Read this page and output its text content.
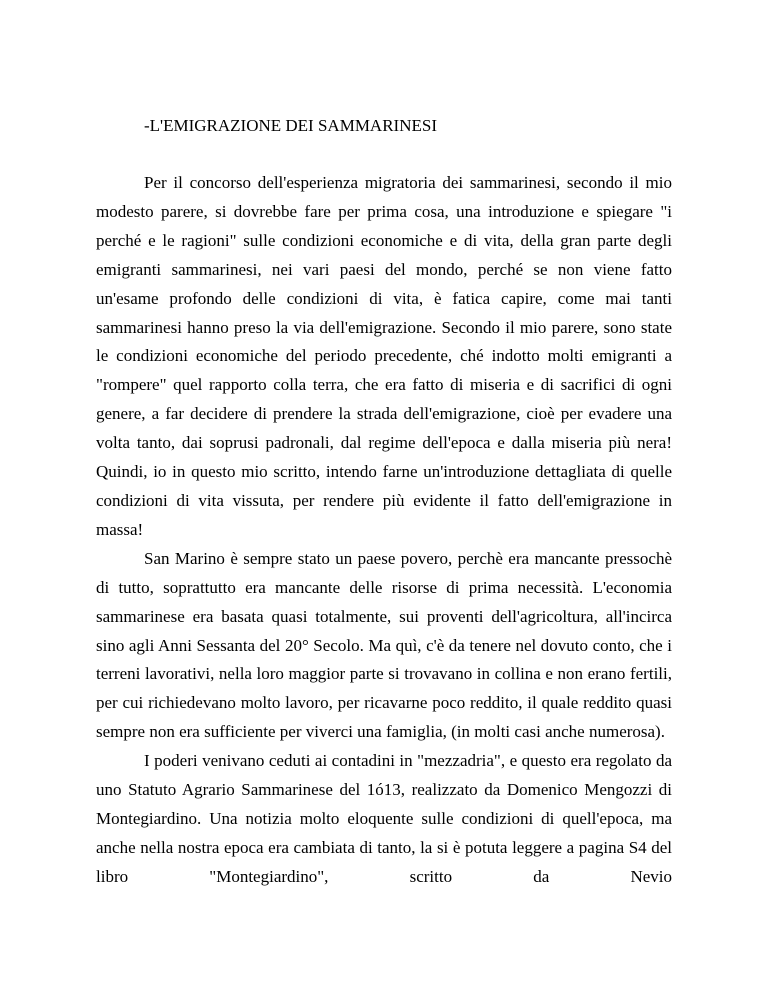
-L'EMIGRAZIONE DEI SAMMARINESI

Per il concorso dell'esperienza migratoria dei sammarinesi, secondo il mio modesto parere, si dovrebbe fare per prima cosa, una introduzione e spiegare "i perché e le ragioni" sulle condizioni economiche e di vita, della gran parte degli emigranti sammarinesi, nei vari paesi del mondo, perché se non viene fatto un'esame profondo delle condizioni di vita, è fatica capire, come mai tanti sammarinesi hanno preso la via dell'emigrazione. Secondo il mio parere, sono state le condizioni economiche del periodo precedente, ché indotto molti emigranti a "rompere" quel rapporto colla terra, che era fatto di miseria e di sacrifici di ogni genere, a far decidere di prendere la strada dell'emigrazione, cioè per evadere una volta tanto, dai soprusi padronali, dal regime dell'epoca e dalla miseria più nera! Quindi, io in questo mio scritto, intendo farne un'introduzione dettagliata di quelle condizioni di vita vissuta, per rendere più evidente il fatto dell'emigrazione in massa!

San Marino è sempre stato un paese povero, perchè era mancante pressochè di tutto, soprattutto era mancante delle risorse di prima necessità. L'economia sammarinese era basata quasi totalmente, sui proventi dell'agricoltura, all'incirca sino agli Anni Sessanta del 20° Secolo. Ma quì, c'è da tenere nel dovuto conto, che i terreni lavorativi, nella loro maggior parte si trovavano in collina e non erano fertili, per cui richiedevano molto lavoro, per ricavarne poco reddito, il quale reddito quasi sempre non era sufficiente per viverci una famiglia, (in molti casi anche numerosa).

I poderi venivano ceduti ai contadini in "mezzadria", e questo era regolato da uno Statuto Agrario Sammarinese del 1ó13, realizzato da Domenico Mengozzi di Montegiardino. Una notizia molto eloquente sulle condizioni di quell'epoca, ma anche nella nostra epoca era cambiata di tanto, la si è potuta leggere a pagina S4 del libro "Montegiardino", scritto da Nevio
